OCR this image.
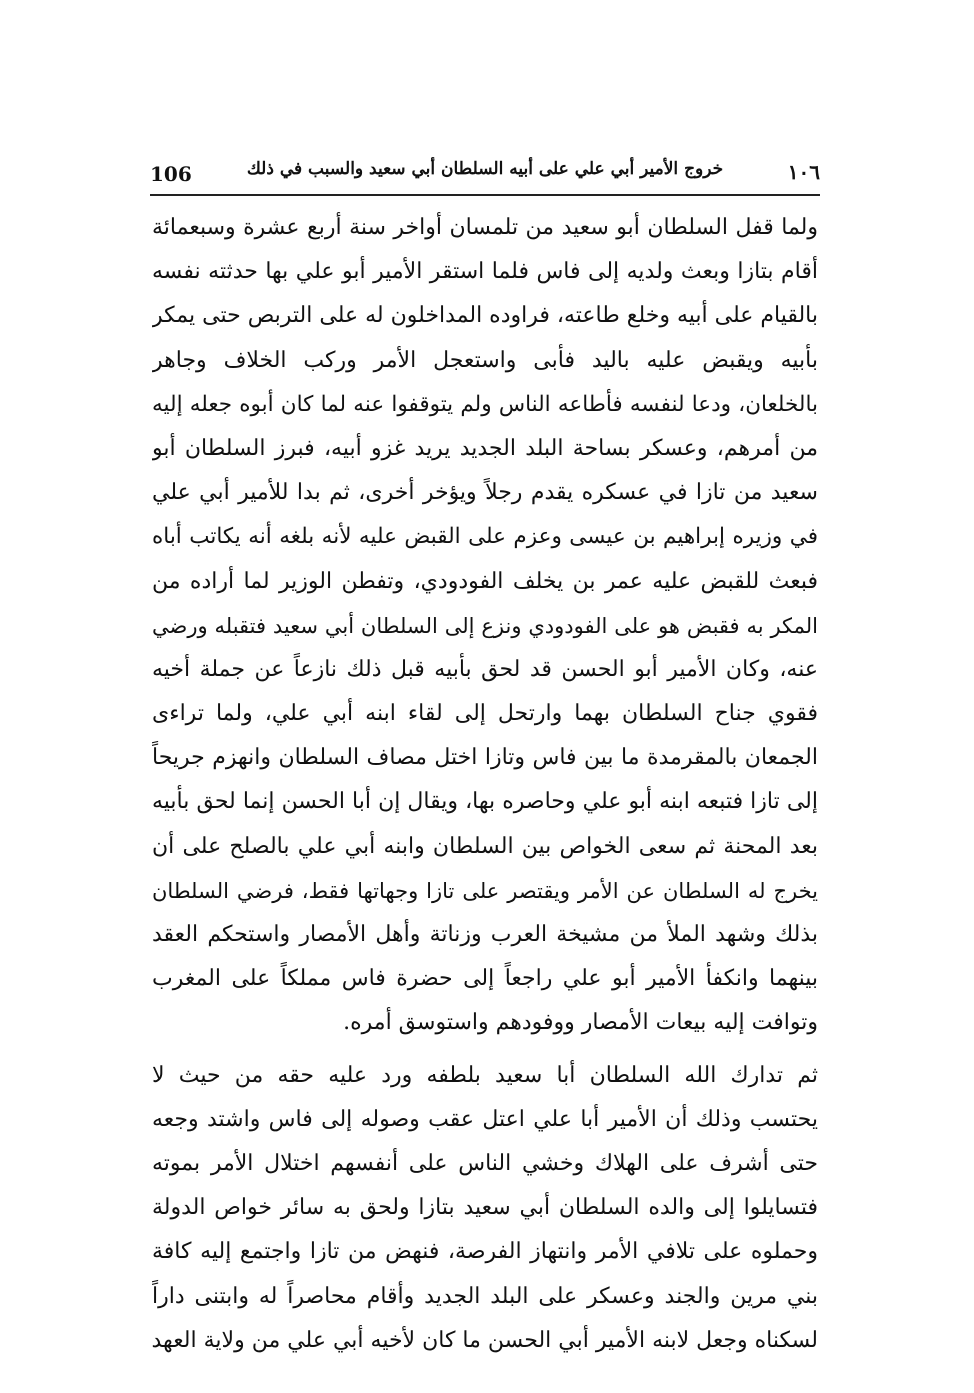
106	خروج الأمير أبي علي على أبيه السلطان أبي سعيد والسبب في ذلك	١٠٦
ولما قفل السلطان أبو سعيد من تلمسان أواخر سنة أربع عشرة وسبعمائة
أقام بتازا وبعث ولديه إلى فاس فلما استقر الأمير أبو علي بها حدثته نفسه
بالقيام على أبيه وخلع طاعته، فراوده المداخلون له على التربص حتى يمكر
بأبيه ويقبض عليه باليد فأبى واستعجل الأمر وركب الخلاف وجاهر
بالخلعان، ودعا لنفسه فأطاعه الناس ولم يتوقفوا عنه لما كان أبوه جعله إليه
من أمرهم، وعسكر بساحة البلد الجديد يريد غزو أبيه، فبرز السلطان أبو
سعيد من تازا في عسكره يقدم رجلاً ويؤخر أخرى، ثم بدا للأمير أبي علي
في وزيره إبراهيم بن عيسى وعزم على القبض عليه لأنه بلغه أنه يكاتب أباه
فبعث للقبض عليه عمر بن يخلف الفودودي، وتفطن الوزير لما أراده من
المكر به فقبض هو على الفودودي ونزع إلى السلطان أبي سعيد فتقبله ورضي
عنه، وكان الأمير أبو الحسن قد لحق بأبيه قبل ذلك نازعاً عن جملة أخيه
فقوي جناح السلطان بهما وارتحل إلى لقاء ابنه أبي علي، ولما تراءى
الجمعان بالمقرمدة ما بين فاس وتازا اختل مصاف السلطان وانهزم جريحاً
إلى تازا فتبعه ابنه أبو علي وحاصره بها، ويقال إن أبا الحسن إنما لحق بأبيه
بعد المحنة ثم سعى الخواص بين السلطان وابنه أبي علي بالصلح على أن
يخرج له السلطان عن الأمر ويقتصر على تازا وجهاتها فقط، فرضي السلطان
بذلك وشهد الملأ من مشيخة العرب وزناتة وأهل الأمصار واستحكم العقد
بينهما وانكفأ الأمير أبو علي راجعاً إلى حضرة فاس مملكاً على المغرب
وتوافت إليه بيعات الأمصار ووفودهم واستوسق أمره.
ثم تدارك الله السلطان أبا سعيد بلطفه ورد عليه حقه من حيث لا
يحتسب وذلك أن الأمير أبا علي اعتل عقب وصوله إلى فاس واشتد وجعه
حتى أشرف على الهلاك وخشي الناس على أنفسهم اختلال الأمر بموته
فتسايلوا إلى والده السلطان أبي سعيد بتازا ولحق به سائر خواص الدولة
وحملوه على تلافي الأمر وانتهاز الفرصة، فنهض من تازا واجتمع إليه كافة
بني مرين والجند وعسكر على البلد الجديد وأقام محاصراً له وابتنى داراً
لسكناه وجعل لابنه الأمير أبي الحسن ما كان لأخيه أبي علي من ولاية العهد
